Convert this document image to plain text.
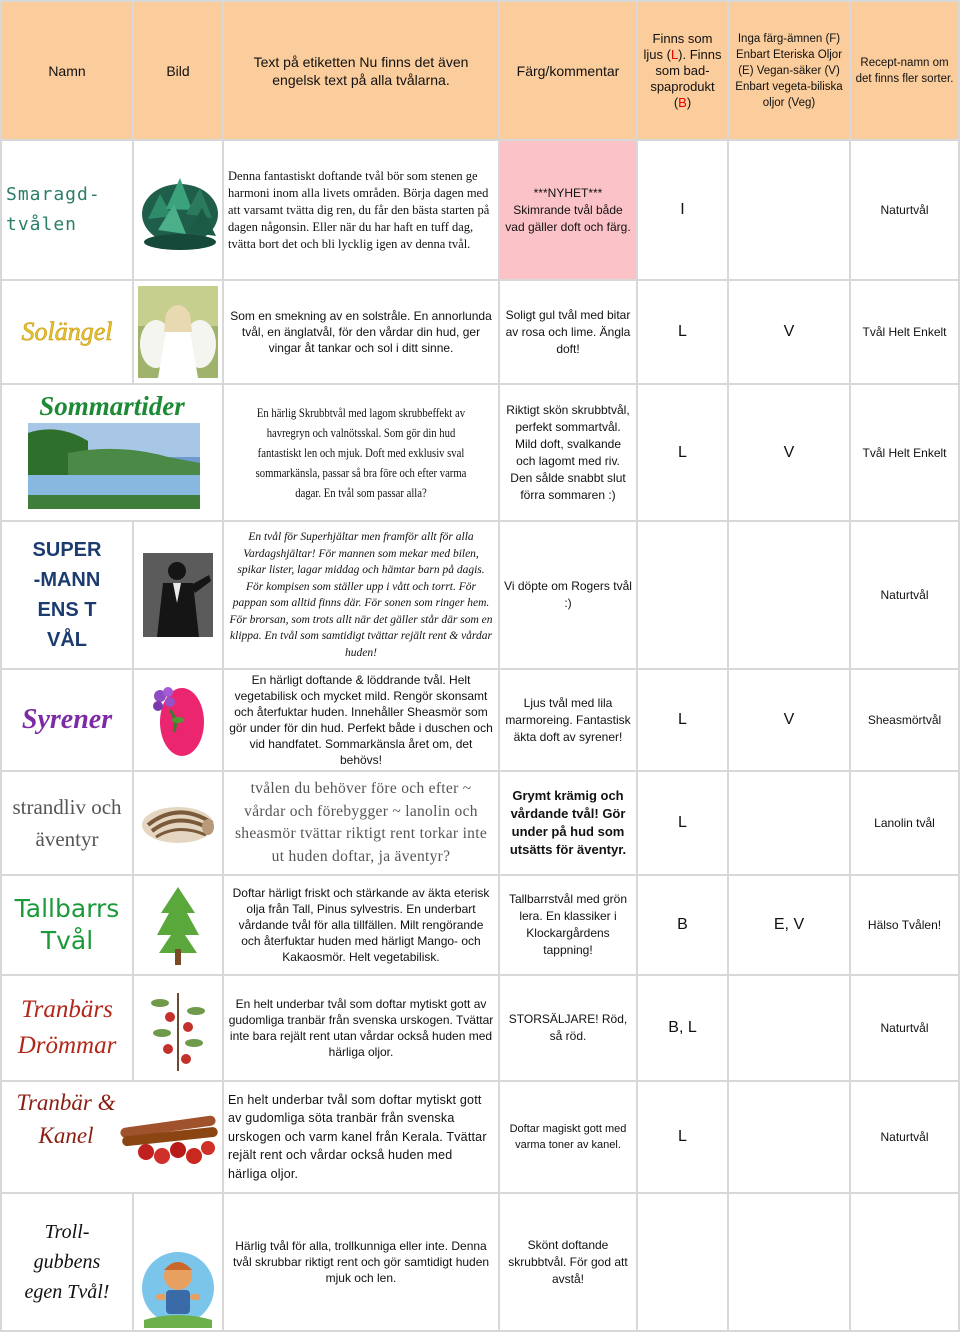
Namn	Bild	Text på etiketten Nu finns det även engelsk text på alla tvålarna.	Färg/kommentar	Finns som ljus (L). Finns som bad-spaprodukt (B)	Inga färg-ämnen (F) Enbart Eteriska Oljor (E) Vegan-säker (V) Enbart vegeta-biliska oljor (Veg)	Recept-namn om det finns fler sorter.
Smaragd-tvålen		Denna fantastiskt doftande tvål bör som stenen ge harmoni inom alla livets områden. Börja dagen med att varsamt tvätta dig ren, du får den bästa starten på dagen någonsin. Eller när du har haft en tuff dag, tvätta bort det och bli lycklig igen av denna tvål.	***NYHET*** Skimrande tvål både vad gäller doft och färg.	I		Naturtvål
Solängel		Som en smekning av en solstråle. En annorlunda tvål, en änglatvål, för den vårdar din hud, ger vingar åt tankar och sol i ditt sinne.	Soligt gul tvål med bitar av rosa och lime. Ängla doft!	L	V	Tvål Helt Enkelt

Sommartider		En härlig Skrubbtvål med lagom skrubbeffekt av havregryn och valnötsskal. Som gör din hud fantastiskt len och mjuk. Doft med exklusiv sval sommarkänsla, passar så bra före och efter varma dagar. En tvål som passar alla?	Riktigt skön skrubbtvål, perfekt sommartvål. Mild doft, svalkande och lagomt med riv. Den sålde snabbt slut förra sommaren :)	L	V	Tvål Helt Enkelt

SUPER-MANNENS TVÅL		En tvål för Superhjältar men framför allt för alla Vardagshjältar! För mannen som mekar med bilen, spikar lister, lagar middag och hämtar barn på dagis. För kompisen som ställer upp i vått och torrt. För pappan som alltid finns där. För sonen som ringer hem. För brorsan, som trots allt när det gäller står där som en klippa. En tvål som samtidigt tvättar rejält rent & vårdar huden!	Vi döpte om Rogers tvål :)			Naturtvål
Syrener		En härligt doftande & löddrande tvål. Helt vegetabilisk och mycket mild. Rengör skonsamt och återfuktar huden. Innehåller Sheasmör som gör under för din hud. Perfekt både i duschen och vid handfatet. Sommarkänsla året om, det behövs!	Ljus tvål med lila marmoreing. Fantastisk äkta doft av syrener!	L	V	Sheasmörtvål

strandliv och äventyr		tvålen du behöver före och efter ~ vårdar och förebygger ~ lanolin och sheasmör tvättar riktigt rent torkar inte ut huden doftar, ja äventyr?	Grymt krämig och vårdande tvål! Gör under på hud som utsätts för äventyr.	L		Lanolin tvål

Tallbarrs Tvål		Doftar härligt friskt och stärkande av äkta eterisk olja från Tall, Pinus sylvestris. En underbart vårdande tvål för alla tillfällen. Milt rengörande och återfuktar huden med härligt Mango- och Kakaosmör. Helt vegetabilisk.	Tallbarrstvål med grön lera. En klassiker i Klockargårdens tappning!	B	E, V	Hälso Tvålen!

Tranbärs Drömmar		En helt underbar tvål som doftar mytiskt gott av gudomliga tranbär från svenska urskogen. Tvättar inte bara rejält rent utan vårdar också huden med härliga oljor.	STORSÄLJARE! Röd, så röd.	B, L		Naturtvål

Tranbär & Kanel		En helt underbar tvål som doftar mytiskt gott av gudomliga söta tranbär från svenska urskogen och varm kanel från Kerala. Tvättar rejält rent och vårdar också huden med härliga oljor.	Doftar magiskt gott med varma toner av kanel.	L		Naturtvål

Troll-gubbens egen Tvål!		Härlig tvål för alla, trollkunniga eller inte. Denna tvål skrubbar riktigt rent och gör samtidigt huden mjuk och len.	Skönt doftande skrubbtvål. För god att avstå!			
